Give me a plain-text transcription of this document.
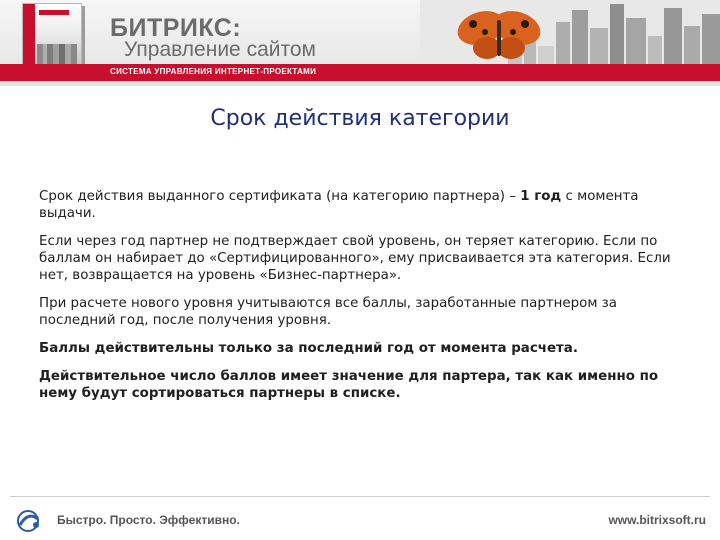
БИТРИКС:
Управление сайтом
СИСТЕМА УПРАВЛЕНИЯ ИНТЕРНЕТ-ПРОЕКТАМИ
Срок действия категории

Срок действия выданного сертификата (на категорию партнера) – 1 год с момента выдачи.

Если через год партнер не подтверждает свой уровень, он теряет категорию. Если по баллам он набирает до «Сертифицированного», ему присваивается эта категория. Если нет, возвращается на уровень «Бизнес-партнера».

При расчете нового уровня учитываются все баллы, заработанные партнером за последний год, после получения уровня.

Баллы действительны только за последний год от момента расчета.

Действительное число баллов имеет значение для партера, так как именно по нему будут сортироваться партнеры в списке.

Быстро. Просто. Эффективно.	www.bitrixsoft.ru
